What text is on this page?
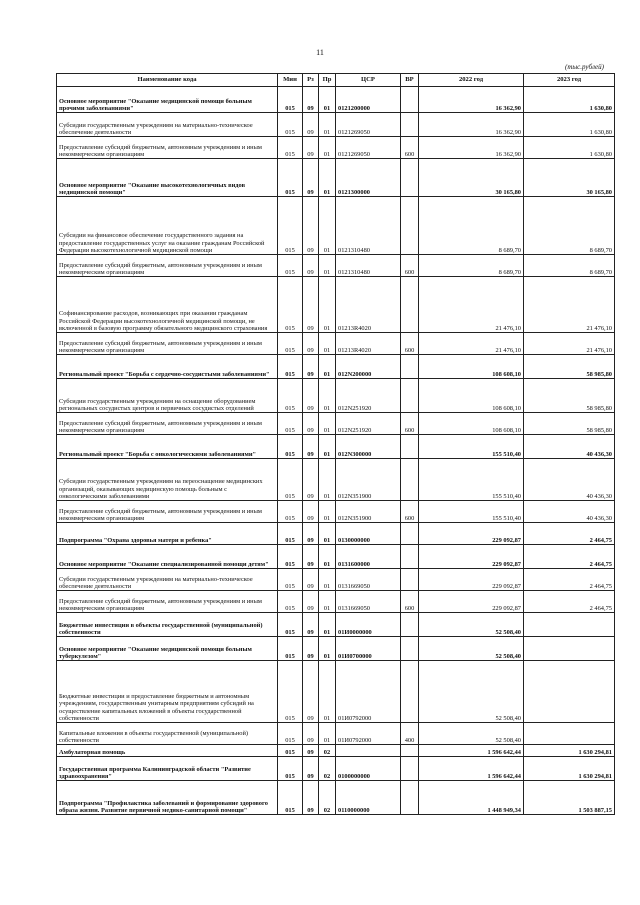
11
(тыс.рублей)
Наименование кода	Мин	Рз	Пр	ЦСР	ВР	2022 год	2023 год
Основное мероприятие "Оказание медицинской помощи больным прочими заболеваниями"	015	09	01	0121200000		16 362,90	1 630,80
Субсидии государственным учреждениям на материально-техническое обеспечение деятельности	015	09	01	0121269050		16 362,90	1 630,80
Предоставление субсидий бюджетным, автономным учреждениям и иным некоммерческим организациям	015	09	01	0121269050	600	16 362,90	1 630,80
Основное мероприятие "Оказание высокотехнологичных видов медицинской помощи"	015	09	01	0121300000		30 165,80	30 165,80
Субсидии на финансовое обеспечение государственного задания на предоставление государственных услуг на оказание гражданам Российской Федерации высокотехнологичной медицинской помощи	015	09	01	0121310480		8 689,70	8 689,70
Предоставление субсидий бюджетным, автономным учреждениям и иным некоммерческим организациям	015	09	01	0121310480	600	8 689,70	8 689,70
Софинансирование расходов, возникающих при оказании гражданам Российской Федерации высокотехнологичной медицинской помощи, не включенной в базовую программу обязательного медицинского страхования	015	09	01	01213R4020		21 476,10	21 476,10
Предоставление субсидий бюджетным, автономным учреждениям и иным некоммерческим организациям	015	09	01	01213R4020	600	21 476,10	21 476,10
Региональный проект "Борьба с сердечно-сосудистыми заболеваниями"	015	09	01	012N200000		108 608,10	58 985,80
Субсидии государственным учреждениям на оснащение оборудованием региональных сосудистых центров и первичных сосудистых отделений	015	09	01	012N251920		108 608,10	58 985,80
Предоставление субсидий бюджетным, автономным учреждениям и иным некоммерческим организациям	015	09	01	012N251920	600	108 608,10	58 985,80
Региональный проект "Борьба с онкологическими заболеваниями"	015	09	01	012N300000		155 510,40	40 436,30
Субсидии государственным учреждениям на переоснащение медицинских организаций, оказывающих медицинскую помощь больным с онкологическими заболеваниями	015	09	01	012N351900		155 510,40	40 436,30
Предоставление субсидий бюджетным, автономным учреждениям и иным некоммерческим организациям	015	09	01	012N351900	600	155 510,40	40 436,30
Подпрограмма "Охрана здоровья матери и ребенка"	015	09	01	0130000000		229 092,87	2 464,75
Основное мероприятие "Оказание специализированной помощи детям"	015	09	01	0131600000		229 092,87	2 464,75
Субсидии государственным учреждениям на материально-техническое обеспечение деятельности	015	09	01	0131669050		229 092,87	2 464,75
Предоставление субсидий бюджетным, автономным учреждениям и иным некоммерческим организациям	015	09	01	0131669050	600	229 092,87	2 464,75
Бюджетные инвестиции в объекты государственной (муниципальной) собственности	015	09	01	01И0000000		52 508,40	
Основное мероприятие "Оказание медицинской помощи больным туберкулезом"	015	09	01	01И0700000		52 508,40	
Бюджетные инвестиции и предоставление бюджетным и автономным учреждениям, государственным унитарным предприятиям субсидий на осуществление капитальных вложений в объекты государственной собственности	015	09	01	01И0792000		52 508,40	
Капитальные вложения в объекты государственной (муниципальной) собственности	015	09	01	01И0792000	400	52 508,40	
Амбулаторная помощь	015	09	02			1 596 642,44	1 630 294,81
Государственная программа Калининградской области "Развитие здравоохранения"	015	09	02	0100000000		1 596 642,44	1 630 294,81
Подпрограмма "Профилактика заболеваний и формирование здорового образа жизни. Развитие первичной медико-санитарной помощи"	015	09	02	0110000000		1 448 949,34	1 503 887,15
